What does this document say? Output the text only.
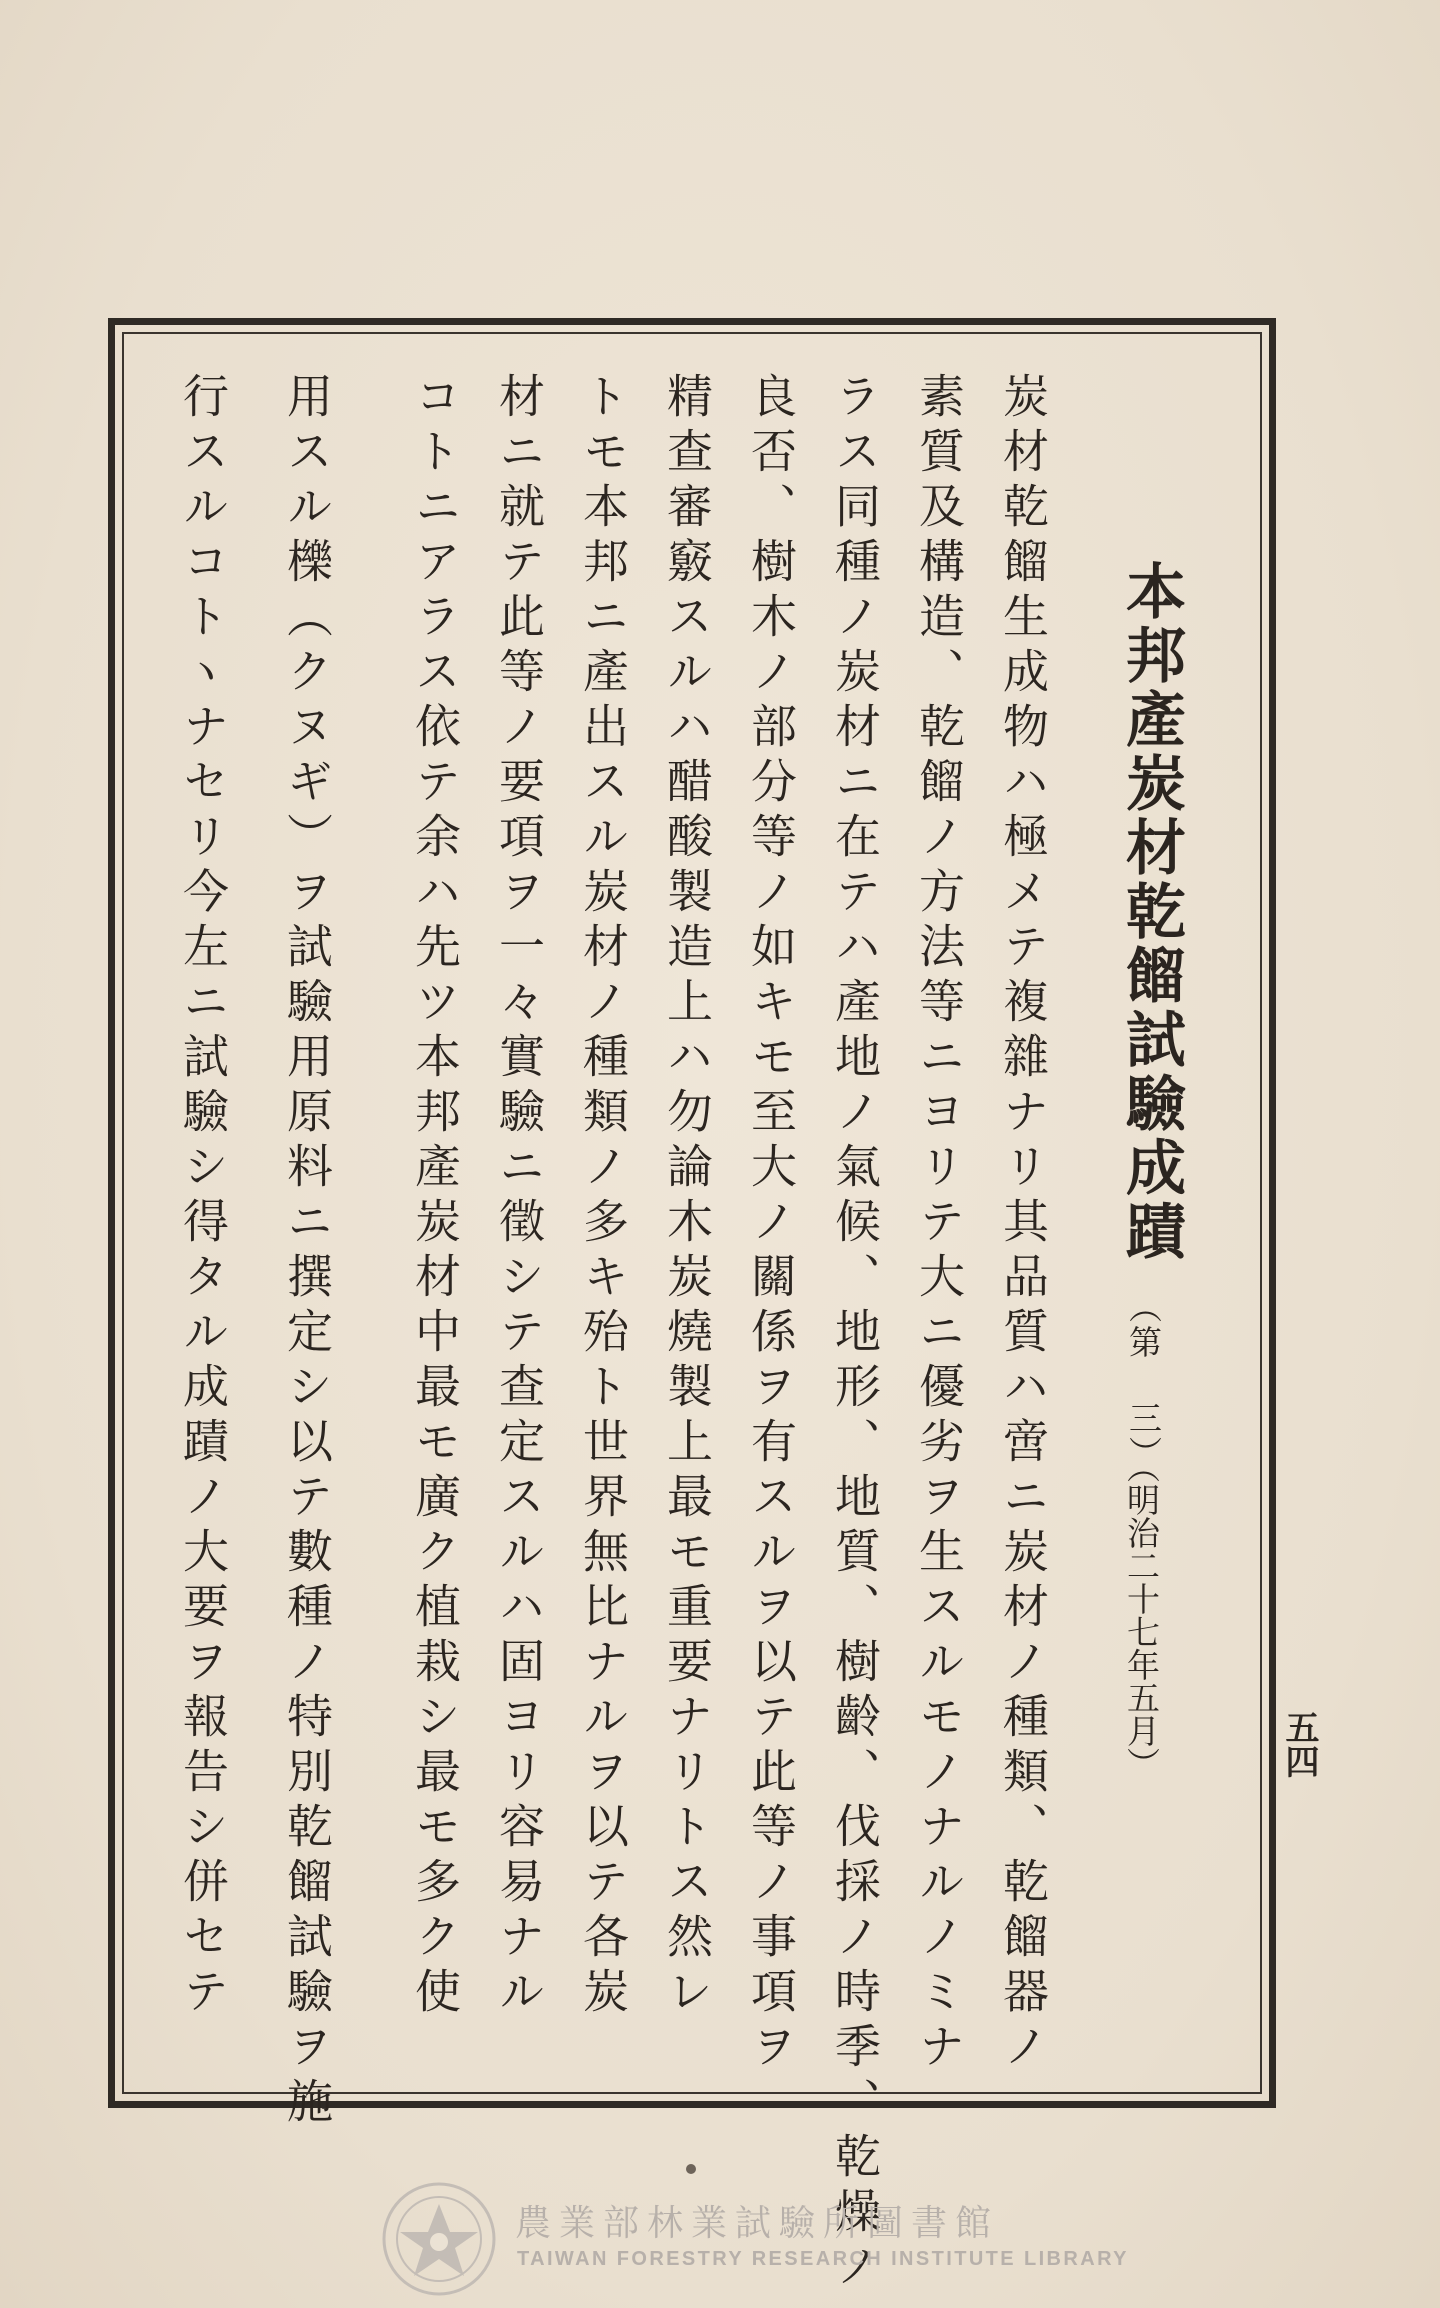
本邦產炭材乾餾試驗成蹟
（第 三）
（明治二十七年五月）
炭材乾餾生成物ハ極メテ複雜ナリ其品質ハ啻ニ炭材ノ種類、乾餾器ノ
素質及構造、乾餾ノ方法等ニヨリテ大ニ優劣ヲ生スルモノナルノミナ
ラス同種ノ炭材ニ在テハ產地ノ氣候、地形、地質、樹齡、伐採ノ時季、乾燥ノ
良否、樹木ノ部分等ノ如キモ至大ノ關係ヲ有スルヲ以テ此等ノ事項ヲ
精查審竅スルハ醋酸製造上ハ勿論木炭燒製上最モ重要ナリトス然レ
トモ本邦ニ產出スル炭材ノ種類ノ多キ殆ト世界無比ナルヲ以テ各炭
材ニ就テ此等ノ要項ヲ一々實驗ニ徵シテ查定スルハ固ヨリ容易ナル
コトニアラス依テ余ハ先ツ本邦產炭材中最モ廣ク植栽シ最モ多ク使
用スル櫟（クヌギ）ヲ試驗用原料ニ撰定シ以テ數種ノ特別乾餾試驗ヲ施
行スルコトヽナセリ今左ニ試驗シ得タル成蹟ノ大要ヲ報告シ併セテ	五四
農業部林業試驗所圖書館
TAIWAN FORESTRY RESEARCH INSTITUTE LIBRARY
